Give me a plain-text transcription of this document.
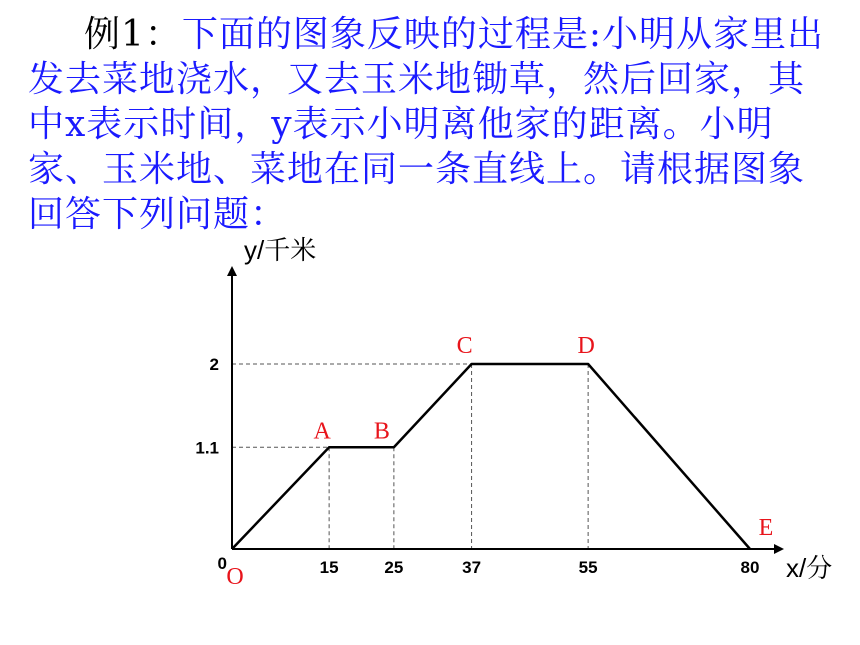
例1：下面的图象反映的过程是:小明从家里出发去菜地浇水，又去玉米地锄草，然后回家，其中x表示时间，y表示小明离他家的距离。小明家、玉米地、菜地在同一条直线上。请根据图象回答下列问题：
15	25	37	55	80
1.1
2
0
O
A B
C	D
E
y/千米
x/分
